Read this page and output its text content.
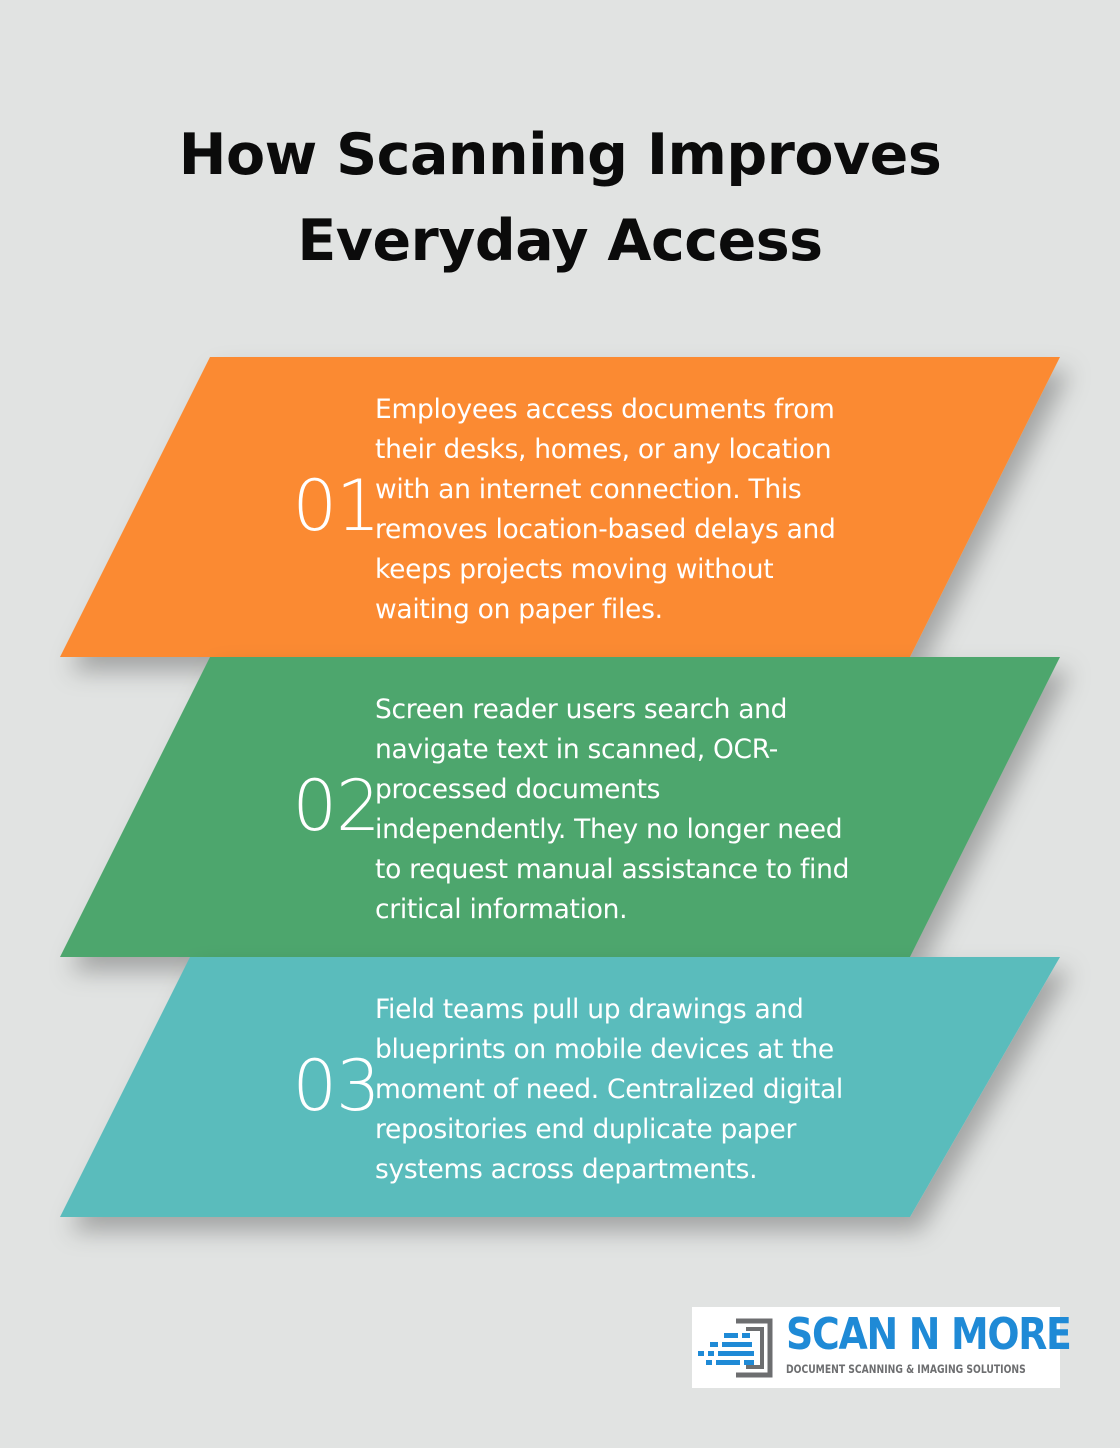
How Scanning Improves
Everyday Access
01

Employees access documents from
their desks, homes, or any location
with an internet connection. This
removes location-based delays and
keeps projects moving without
waiting on paper files.

02

Screen reader users search and
navigate text in scanned, OCR-
processed documents
independently. They no longer need
to request manual assistance to find
critical information.

03

Field teams pull up drawings and
blueprints on mobile devices at the
moment of need. Centralized digital
repositories end duplicate paper
systems across departments.

SCAN N MORE
DOCUMENT SCANNING & IMAGING SOLUTIONS
